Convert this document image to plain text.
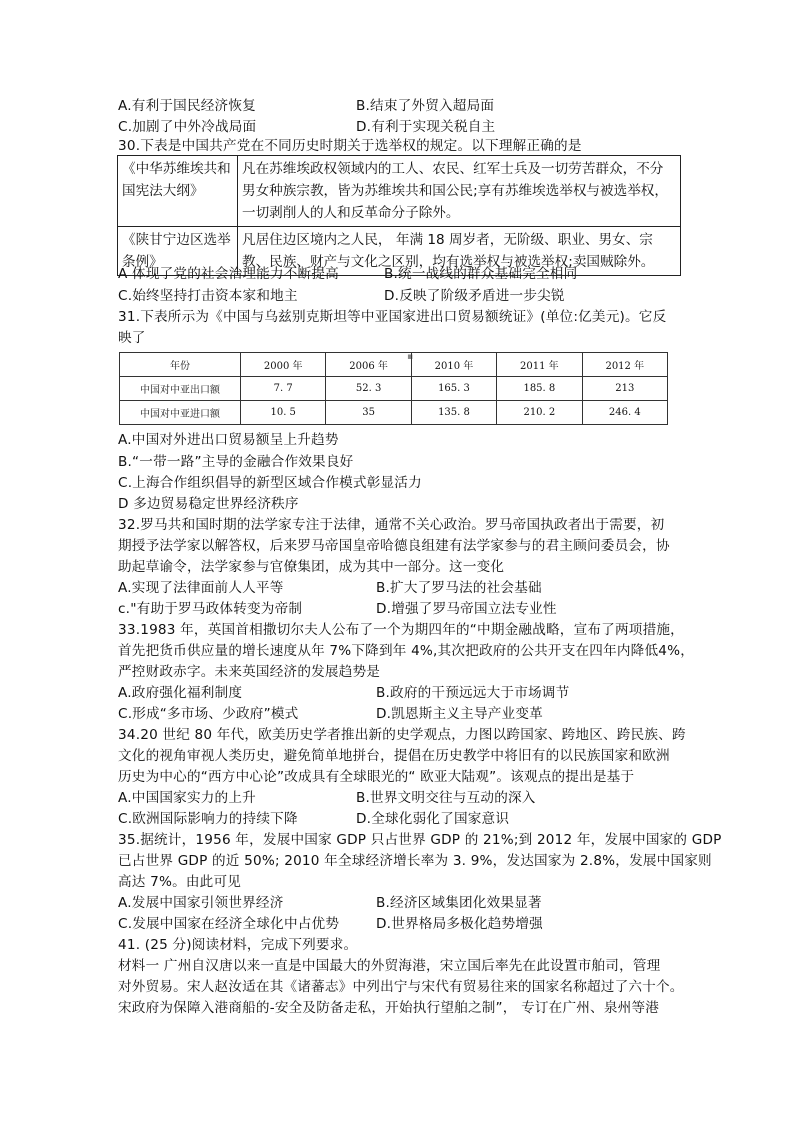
A.有利于国民经济恢复	B.结束了外贸入超局面
C.加剧了中外冷战局面	D.有利于实现关税自主
30.下表是中国共产党在不同历史时期关于选举权的规定。以下理解正确的是
《中华苏维埃共和国宪法大纲》	凡在苏维埃政权领域内的工人、农民、红军士兵及一切劳苦群众，不分男女种族宗教，皆为苏维埃共和国公民;享有苏维埃选举权与被选举权，一切剥削人的人和反革命分子除外。
《陕甘宁边区选举条例》	凡居住边区境内之人民， 年满 18 周岁者，无阶级、职业、男女、宗教、民族、财产与文化之区别，均有选举权与被选举权;卖国贼除外。
A 体现了党的社会治理能力不断提高	B.统一战线的群众基础完全相同
C.始终坚持打击资本家和地主	D.反映了阶级矛盾进一步尖锐
31.下表所示为《中国与乌兹别克斯坦等中亚国家进出口贸易额统证》(单位:亿美元)。它反
映了
▪
年份	2000 年	2006 年	2010 年	2011 年	2012 年
中国对中亚出口额	7. 7	52. 3	165. 3	185. 8	213
中国对中亚进口额	10. 5	35	135. 8	210. 2	246. 4
A.中国对外进出口贸易额呈上升趋势
B.“一带一路”主导的金融合作效果良好
C.上海合作组织倡导的新型区域合作模式彰显活力
D 多边贸易稳定世界经济秩序
32.罗马共和国时期的法学家专注于法律，通常不关心政治。罗马帝国执政者出于需要，初
期授予法学家以解答权，后来罗马帝国皇帝哈德良组建有法学家参与的君主顾问委员会，协
助起草谕令，法学家参与官僚集团，成为其中一部分。这一变化
A.实现了法律面前人人平等	B.扩大了罗马法的社会基础
c."有助于罗马政体转变为帝制	D.增强了罗马帝国立法专业性
33.1983 年，英国首相撒切尔夫人公布了一个为期四年的“中期金融战略，宣布了两项措施，
首先把货币供应量的增长速度从年 7%下降到年 4%,其次把政府的公共开支在四年内降低4%，
严控财政赤字。未来英国经济的发展趋势是
A.政府强化福利制度	B.政府的干预远远大于市场调节
C.形成“多市场、少政府”模式	D.凯恩斯主义主导产业变革
34.20 世纪 80 年代，欧美历史学者推出新的史学观点，力图以跨国家、跨地区、跨民族、跨
文化的视角审视人类历史，避免简单地拼台，提倡在历史教学中将旧有的以民族国家和欧洲
历史为中心的“西方中心论”改成具有全球眼光的“ 欧亚大陆观”。该观点的提出是基于
A.中国国家实力的上升	B.世界文明交往与互动的深入
C.欧洲国际影响力的持续下降	D.全球化弱化了国家意识
35.据统计，1956 年，发展中国家 GDP 只占世界 GDP 的 21%;到 2012 年，发展中国家的 GDP
已占世界 GDP 的近 50%; 2010 年全球经济增长率为 3. 9%，发达国家为 2.8%，发展中国家则
高达 7%。由此可见
A.发展中国家引领世界经济	B.经济区域集团化效果显著
C.发展中国家在经济全球化中占优势	D.世界格局多极化趋势增强
41. (25 分)阅读材料，完成下列要求。
材料一 广州自汉唐以来一直是中国最大的外贸海港，宋立国后率先在此设置市舶司，管理
对外贸易。宋人赵汝适在其《诸蕃志》中列出宁与宋代有贸易往来的国家名称超过了六十个。
宋政府为保障入港商船的-安全及防备走私，开始执行望舶之制”， 专订在广州、泉州等港
